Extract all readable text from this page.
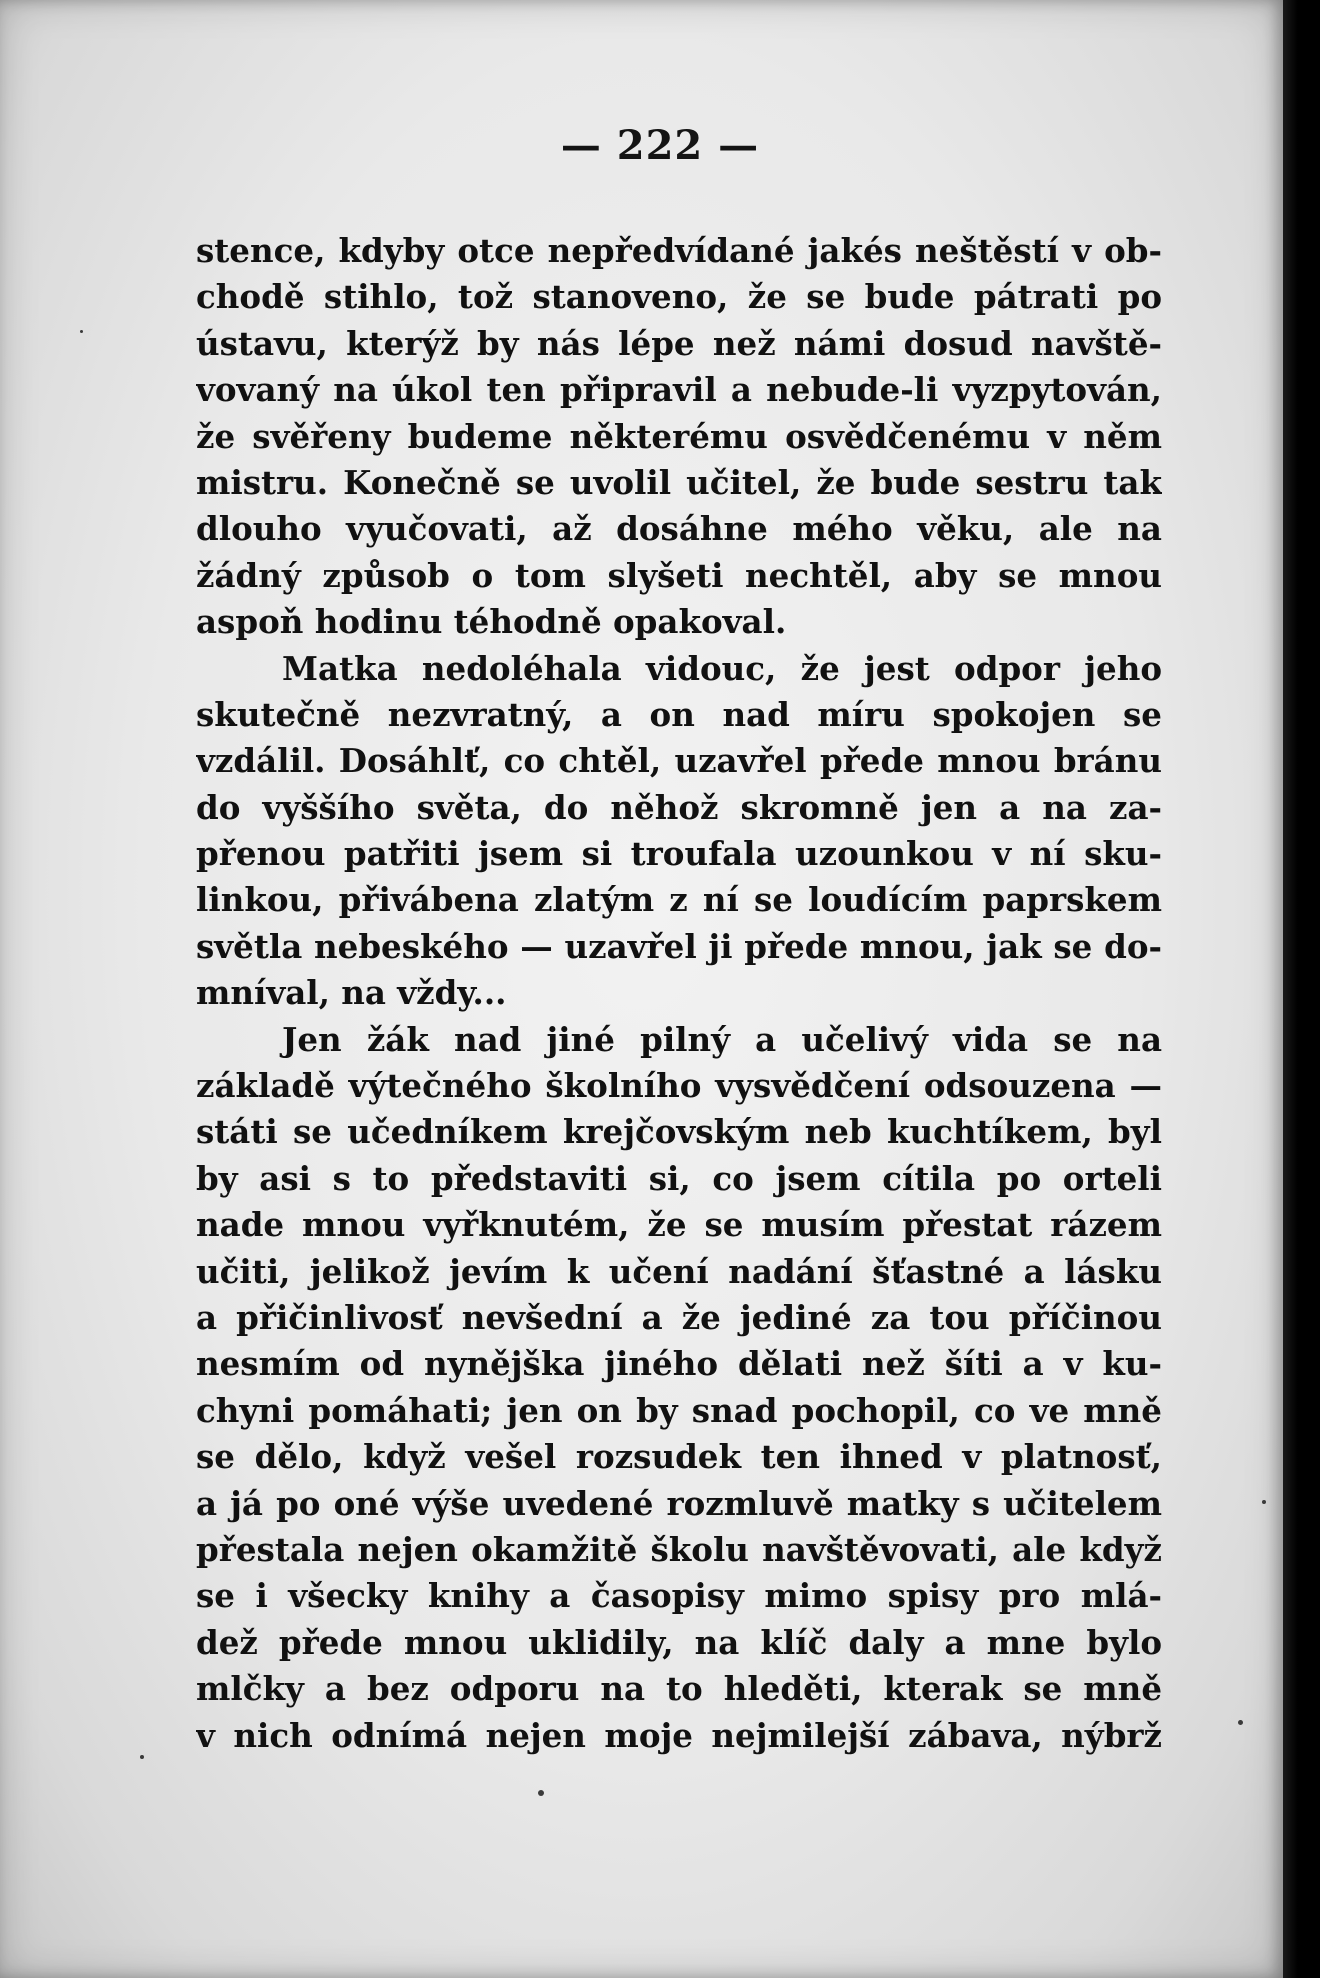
— 222 —
stence, kdyby otce nepředvídané jakés neštěstí v ob-
chodě stihlo, tož stanoveno, že se bude pátrati po
ústavu, kterýž by nás lépe než námi dosud navště-
vovaný na úkol ten připravil a nebude-li vyzpytován,
že svěřeny budeme některému osvědčenému v něm
mistru. Konečně se uvolil učitel, že bude sestru tak
dlouho vyučovati, až dosáhne mého věku, ale na
žádný způsob o tom slyšeti nechtěl, aby se mnou
aspoň hodinu téhodně opakoval.
Matka nedoléhala vidouc, že jest odpor jeho
skutečně nezvratný, a on nad míru spokojen se
vzdálil. Dosáhlť, co chtěl, uzavřel přede mnou bránu
do vyššího světa, do něhož skromně jen a na za-
přenou patřiti jsem si troufala uzounkou v ní sku-
linkou, přivábena zlatým z ní se loudícím paprskem
světla nebeského — uzavřel ji přede mnou, jak se do-
mníval, na vždy...
Jen žák nad jiné pilný a učelivý vida se na
základě výtečného školního vysvědčení odsouzena —
státi se učedníkem krejčovským neb kuchtíkem, byl
by asi s to představiti si, co jsem cítila po orteli
nade mnou vyřknutém, že se musím přestat rázem
učiti, jelikož jevím k učení nadání šťastné a lásku
a přičinlivosť nevšední a že jediné za tou příčinou
nesmím od nynějška jiného dělati než šíti a v ku-
chyni pomáhati; jen on by snad pochopil, co ve mně
se dělo, když vešel rozsudek ten ihned v platnosť,
a já po oné výše uvedené rozmluvě matky s učitelem
přestala nejen okamžitě školu navštěvovati, ale když
se i všecky knihy a časopisy mimo spisy pro mlá-
dež přede mnou uklidily, na klíč daly a mne bylo
mlčky a bez odporu na to hleděti, kterak se mně
v nich odnímá nejen moje nejmilejší zábava, nýbrž
